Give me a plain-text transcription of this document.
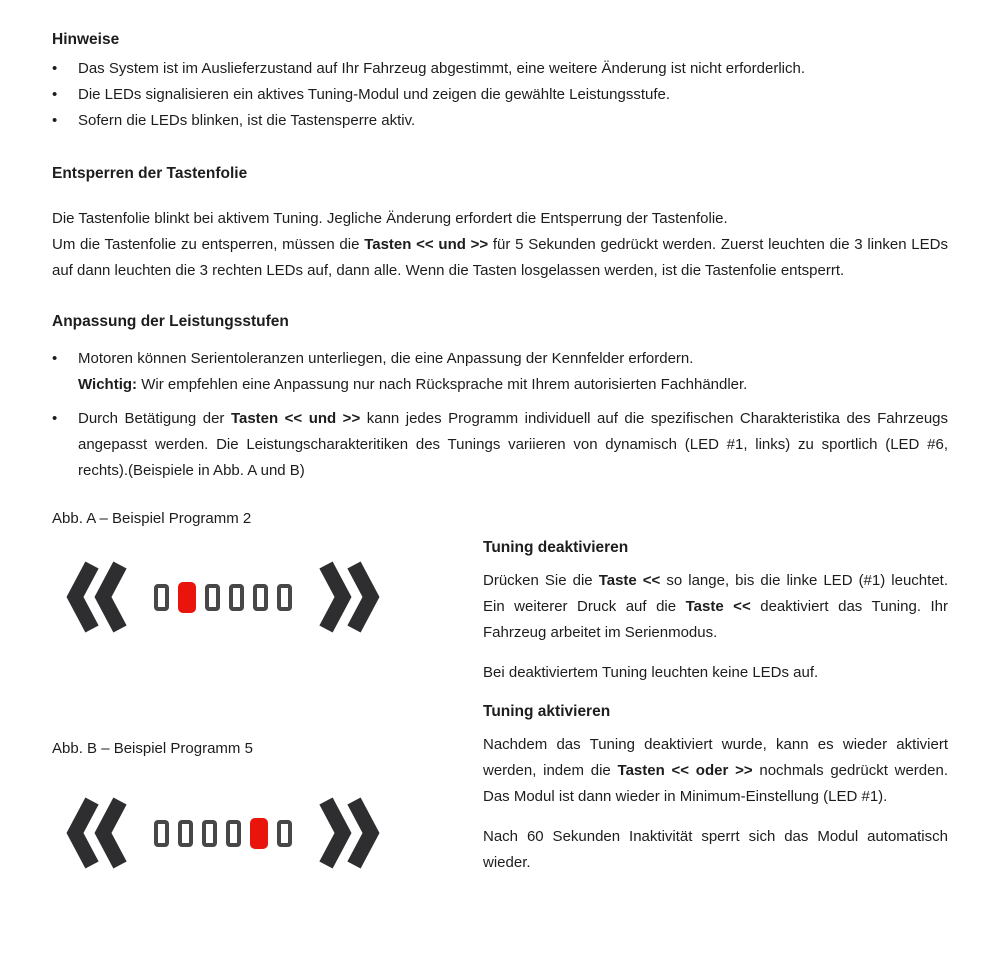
Hinweise
•	Das System ist im Auslieferzustand auf Ihr Fahrzeug abgestimmt, eine weitere Änderung ist nicht erforderlich.
•	Die LEDs signalisieren ein aktives Tuning-Modul und zeigen die gewählte Leistungsstufe.
•	Sofern die LEDs blinken, ist die Tastensperre aktiv.
Entsperren der Tastenfolie
Die Tastenfolie blinkt bei aktivem Tuning. Jegliche Änderung erfordert die Entsperrung der Tastenfolie.
Um die Tastenfolie zu entsperren, müssen die Tasten << und >> für 5 Sekunden gedrückt werden. Zuerst leuchten die 3 linken LEDs auf dann leuchten die 3 rechten LEDs auf, dann alle. Wenn die Tasten losgelassen werden, ist die Tastenfolie entsperrt.
Anpassung der Leistungsstufen
•	Motoren können Serientoleranzen unterliegen, die eine Anpassung der Kennfelder erfordern.
Wichtig: Wir empfehlen eine Anpassung nur nach Rücksprache mit Ihrem autorisierten Fachhändler.
•	Durch Betätigung der Tasten << und >> kann jedes Programm individuell auf die spezifischen Charakteristika des Fahrzeugs angepasst werden. Die Leistungscharakteritiken des Tunings variieren von dynamisch (LED #1, links) zu sportlich (LED #6, rechts).(Beispiele in Abb. A und B)
Abb. A – Beispiel Programm 2
Abb. B – Beispiel Programm 5
Tuning deaktivieren

Drücken Sie die Taste << so lange, bis die linke LED (#1) leuchtet. Ein weiterer Druck auf die Taste << deaktiviert das Tuning. Ihr Fahrzeug arbeitet im Serienmodus.

Bei deaktiviertem Tuning leuchten keine LEDs auf.

Tuning aktivieren

Nachdem das Tuning deaktiviert wurde, kann es wieder aktiviert werden, indem die Tasten << oder >> nochmals gedrückt werden. Das Modul ist dann wieder in Minimum-Einstellung (LED #1).

Nach 60 Sekunden Inaktivität sperrt sich das Modul automatisch wieder.
